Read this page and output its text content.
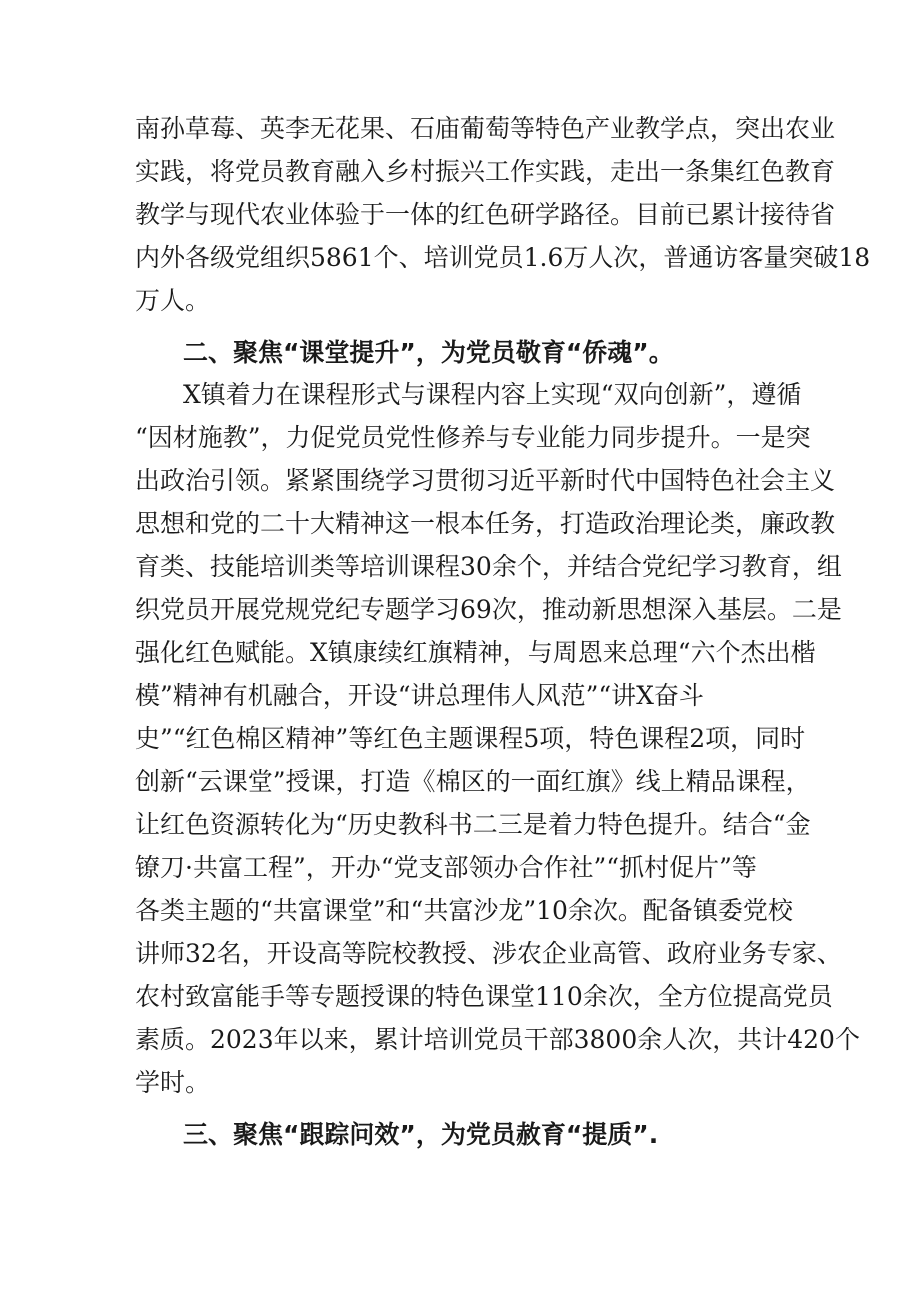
南孙草莓、英李无花果、石庙葡萄等特色产业教学点，突出农业
实践，将党员教育融入乡村振兴工作实践，走出一条集红色教育
教学与现代农业体验于一体的红色研学路径。目前已累计接待省
内外各级党组织5861个、培训党员1.6万人次，普通访客量突破18
万人。
二、聚焦“课堂提升”，为党员敬育“侨魂”。
X镇着力在课程形式与课程内容上实现“双向创新”，遵循
“因材施教”，力促党员党性修养与专业能力同步提升。一是突
出政治引领。紧紧围绕学习贯彻习近平新时代中国特色社会主义
思想和党的二十大精神这一根本任务，打造政治理论类，廉政教
育类、技能培训类等培训课程30余个，并结合党纪学习教育，组
织党员开展党规党纪专题学习69次，推动新思想深入基层。二是
强化红色赋能。X镇康续红旗精神，与周恩来总理“六个杰出楷
模”精神有机融合，开设“讲总理伟人风范”“讲X奋斗
史”“红色棉区精神”等红色主题课程5项，特色课程2项，同时
创新“云课堂”授课，打造《棉区的一面红旗》线上精品课程，
让红色资源转化为“历史教科书二三是着力特色提升。结合“金
镣刀·共富工程”，开办“党支部领办合作社”“抓村促片”等
各类主题的“共富课堂”和“共富沙龙”10余次。配备镇委党校
讲师32名，开设高等院校教授、涉农企业高管、政府业务专家、
农村致富能手等专题授课的特色课堂110余次，全方位提高党员
素质。2023年以来，累计培训党员干部3800余人次，共计420个
学时。
三、聚焦“跟踪问效”，为党员赦育“提质”.
